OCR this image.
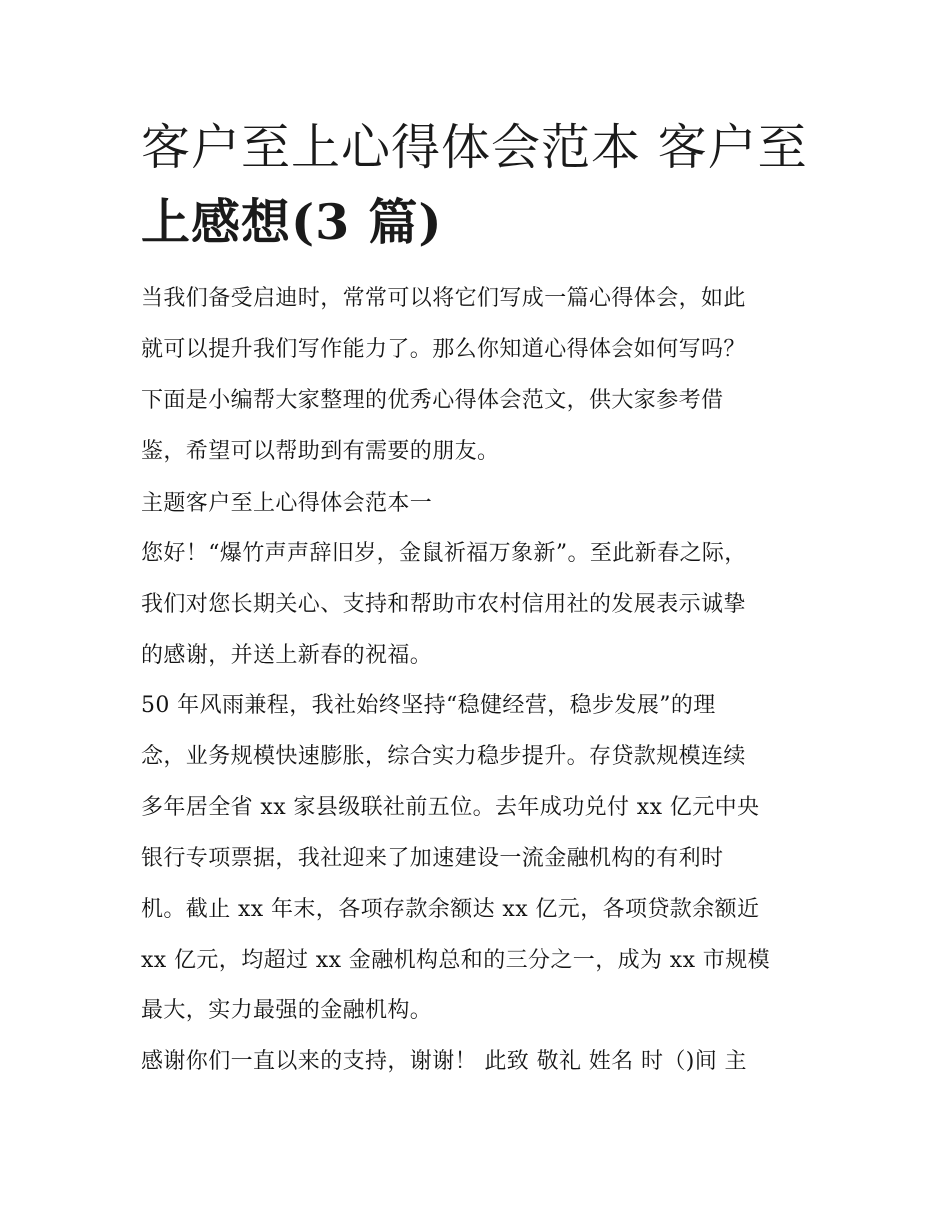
客户至上心得体会范本 客户至
上感想(3 篇)
当我们备受启迪时，常常可以将它们写成一篇心得体会，如此
就可以提升我们写作能力了。那么你知道心得体会如何写吗？
下面是小编帮大家整理的优秀心得体会范文，供大家参考借
鉴，希望可以帮助到有需要的朋友。
主题客户至上心得体会范本一
您好！“爆竹声声辞旧岁，金鼠祈福万象新”。至此新春之际，
我们对您长期关心、支持和帮助市农村信用社的发展表示诚挚
的感谢，并送上新春的祝福。
50 年风雨兼程，我社始终坚持“稳健经营，稳步发展”的理
念，业务规模快速膨胀，综合实力稳步提升。存贷款规模连续
多年居全省 xx 家县级联社前五位。去年成功兑付 xx 亿元中央
银行专项票据，我社迎来了加速建设一流金融机构的有利时
机。截止 xx 年末，各项存款余额达 xx 亿元，各项贷款余额近
xx 亿元，均超过 xx 金融机构总和的三分之一，成为 xx 市规模
最大，实力最强的金融机构。
感谢你们一直以来的支持，谢谢！ 此致 敬礼 姓名 时（)间 主
